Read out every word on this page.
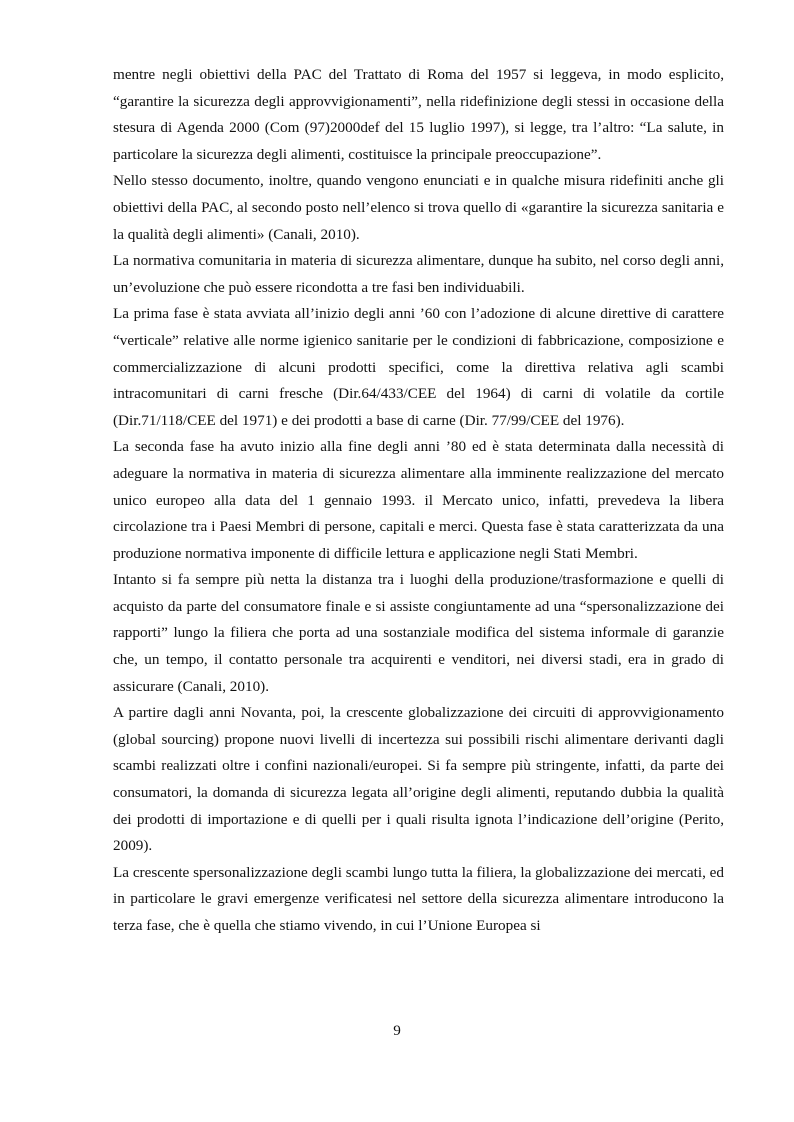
mentre negli obiettivi della PAC del Trattato di Roma del 1957 si leggeva, in modo esplicito, “garantire la sicurezza degli approvvigionamenti”, nella ridefinizione degli stessi in occasione della stesura di Agenda 2000 (Com (97)2000def del 15 luglio 1997), si legge, tra l’altro: “La salute, in particolare la sicurezza degli alimenti, costituisce la principale preoccupazione”.

Nello stesso documento, inoltre, quando vengono enunciati e in qualche misura ridefiniti anche gli obiettivi della PAC, al secondo posto nell’elenco si trova quello di «garantire la sicurezza sanitaria e la qualità degli alimenti» (Canali, 2010).

La normativa comunitaria in materia di sicurezza alimentare, dunque ha subito, nel corso degli anni, un’evoluzione che può essere ricondotta a tre fasi ben individuabili.

La prima fase è stata avviata all’inizio degli anni ’60 con l’adozione di alcune direttive di carattere “verticale” relative alle norme igienico sanitarie per le condizioni di fabbricazione, composizione e commercializzazione di alcuni prodotti specifici, come la direttiva relativa agli scambi intracomunitari di carni fresche (Dir.64/433/CEE del 1964) di carni di volatile da cortile (Dir.71/118/CEE del 1971) e dei prodotti a base di carne (Dir. 77/99/CEE del 1976).

La seconda fase ha avuto inizio alla fine degli anni ’80 ed è stata determinata dalla necessità di adeguare la normativa in materia di sicurezza alimentare alla imminente realizzazione del mercato unico europeo alla data del 1 gennaio 1993. il Mercato unico, infatti, prevedeva la libera circolazione tra i Paesi Membri di persone, capitali e merci. Questa fase è stata caratterizzata da una produzione normativa imponente di difficile lettura e applicazione negli Stati Membri.

Intanto si fa sempre più netta la distanza tra i luoghi della produzione/trasformazione e quelli di acquisto da parte del consumatore finale e si assiste congiuntamente ad una “spersonalizzazione dei rapporti” lungo la filiera che porta ad una sostanziale modifica del sistema informale di garanzie che, un tempo, il contatto personale tra acquirenti e venditori, nei diversi stadi, era in grado di assicurare (Canali, 2010).

A partire dagli anni Novanta, poi, la crescente globalizzazione dei circuiti di approvvigionamento (global sourcing) propone nuovi livelli di incertezza sui possibili rischi alimentare derivanti dagli scambi realizzati oltre i confini nazionali/europei. Si fa sempre più stringente, infatti, da parte dei consumatori, la domanda di sicurezza legata all’origine degli alimenti, reputando dubbia la qualità dei prodotti di importazione e di quelli per i quali risulta ignota l’indicazione dell’origine (Perito, 2009).

La crescente spersonalizzazione degli scambi lungo tutta la filiera, la globalizzazione dei mercati, ed in particolare le gravi emergenze verificatesi nel settore della sicurezza alimentare introducono la terza fase, che è quella che stiamo vivendo, in cui l’Unione Europea si

9
